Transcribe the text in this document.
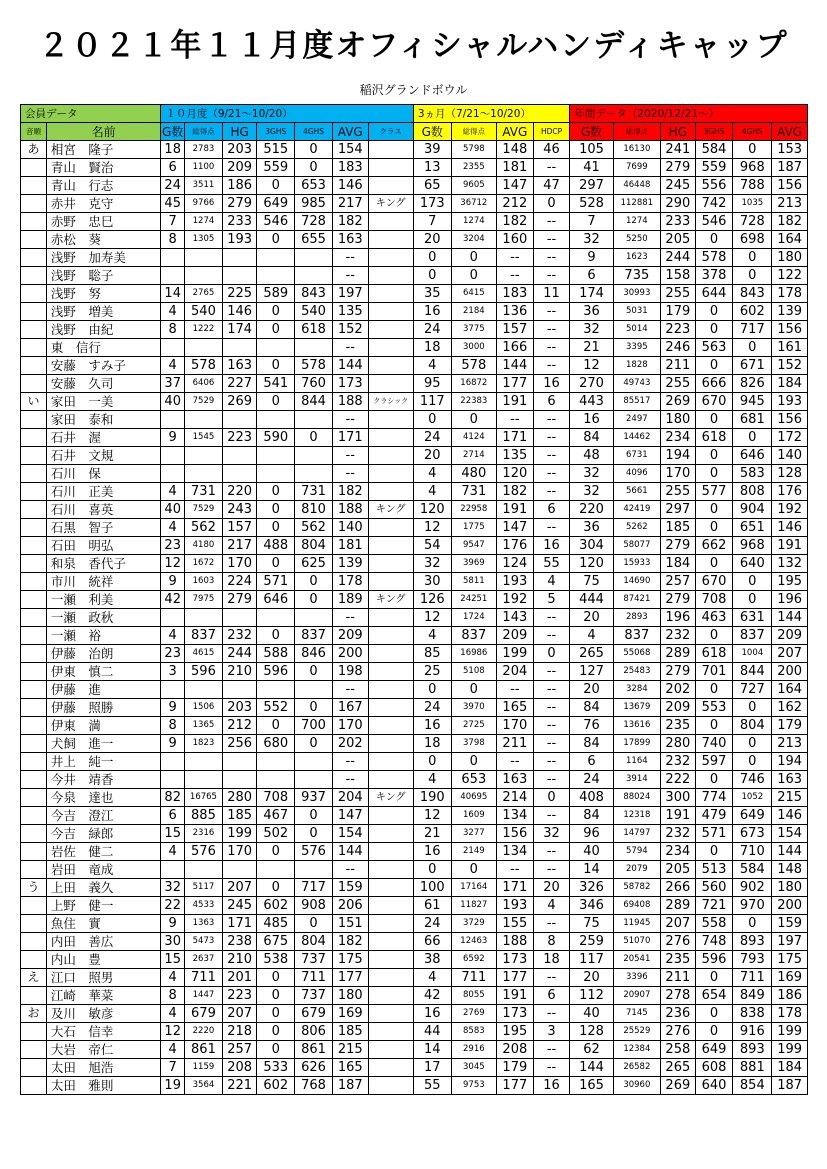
２０２１年１１月度オフィシャルハンディキャップ
稲沢グランドボウル
会員データ		１０月度（9/21～10/20）							3ヵ月（7/21～10/20）				年間データ（2020/12/21～）					
音順	名前	G数	総得点	HG	3GHS	4GHS	AVG	クラス	G数	総得点	AVG	HDCP	G数	総得点	HG	3GHS	4GHS	AVG
あ	相宮　隆子	18	2783	203	515	0	154		39	5798	148	46	105	16130	241	584	0	153
	青山　賢治	6	1100	209	559	0	183		13	2355	181	--	41	7699	279	559	968	187
	青山　行志	24	3511	186	0	653	146		65	9605	147	47	297	46448	245	556	788	156
	赤井　克守	45	9766	279	649	985	217	キング	173	36712	212	0	528	112881	290	742	1035	213
	赤野　忠巳	7	1274	233	546	728	182		7	1274	182	--	7	1274	233	546	728	182
	赤松　葵	8	1305	193	0	655	163		20	3204	160	--	32	5250	205	0	698	164
	浅野　加寿美						--		0	0	--	--	9	1623	244	578	0	180
	浅野　聡子						--		0	0	--	--	6	735	158	378	0	122
	浅野　努	14	2765	225	589	843	197		35	6415	183	11	174	30993	255	644	843	178
	浅野　増美	4	540	146	0	540	135		16	2184	136	--	36	5031	179	0	602	139
	浅野　由紀	8	1222	174	0	618	152		24	3775	157	--	32	5014	223	0	717	156
	東　信行						--		18	3000	166	--	21	3395	246	563	0	161
	安藤　すみ子	4	578	163	0	578	144		4	578	144	--	12	1828	211	0	671	152
	安藤　久司	37	6406	227	541	760	173		95	16872	177	16	270	49743	255	666	826	184
い	家田　一美	40	7529	269	0	844	188	クラシック	117	22383	191	6	443	85517	269	670	945	193
	家田　泰和						--		0	0	--	--	16	2497	180	0	681	156
	石井　渥	9	1545	223	590	0	171		24	4124	171	--	84	14462	234	618	0	172
	石井　文規						--		20	2714	135	--	48	6731	194	0	646	140
	石川　保						--		4	480	120	--	32	4096	170	0	583	128
	石川　正美	4	731	220	0	731	182		4	731	182	--	32	5661	255	577	808	176
	石川　喜英	40	7529	243	0	810	188	キング	120	22958	191	6	220	42419	297	0	904	192
	石黒　智子	4	562	157	0	562	140		12	1775	147	--	36	5262	185	0	651	146
	石田　明弘	23	4180	217	488	804	181		54	9547	176	16	304	58077	279	662	968	191
	和泉　香代子	12	1672	170	0	625	139		32	3969	124	55	120	15933	184	0	640	132
	市川　統祥	9	1603	224	571	0	178		30	5811	193	4	75	14690	257	670	0	195
	一瀬　利美	42	7975	279	646	0	189	キング	126	24251	192	5	444	87421	279	708	0	196
	一瀬　政秋						--		12	1724	143	--	20	2893	196	463	631	144
	一瀬　裕	4	837	232	0	837	209		4	837	209	--	4	837	232	0	837	209
	伊藤　治朗	23	4615	244	588	846	200		85	16986	199	0	265	55068	289	618	1004	207
	伊東　慎二	3	596	210	596	0	198		25	5108	204	--	127	25483	279	701	844	200
	伊藤　進						--		0	0	--	--	20	3284	202	0	727	164
	伊藤　照勝	9	1506	203	552	0	167		24	3970	165	--	84	13679	209	553	0	162
	伊東　満	8	1365	212	0	700	170		16	2725	170	--	76	13616	235	0	804	179
	犬飼　進一	9	1823	256	680	0	202		18	3798	211	--	84	17899	280	740	0	213
	井上　純一						--		0	0	--	--	6	1164	232	597	0	194
	今井　靖香						--		4	653	163	--	24	3914	222	0	746	163
	今泉　達也	82	16765	280	708	937	204	キング	190	40695	214	0	408	88024	300	774	1052	215
	今吉　澄江	6	885	185	467	0	147		12	1609	134	--	84	12318	191	479	649	146
	今吉　緑郎	15	2316	199	502	0	154		21	3277	156	32	96	14797	232	571	673	154
	岩佐　健二	4	576	170	0	576	144		16	2149	134	--	40	5794	234	0	710	144
	岩田　竜成						--		0	0	--	--	14	2079	205	513	584	148
う	上田　義久	32	5117	207	0	717	159		100	17164	171	20	326	58782	266	560	902	180
	上野　健一	22	4533	245	602	908	206		61	11827	193	4	346	69408	289	721	970	200
	魚住　實	9	1363	171	485	0	151		24	3729	155	--	75	11945	207	558	0	159
	内田　善広	30	5473	238	675	804	182		66	12463	188	8	259	51070	276	748	893	197
	内山　豊	15	2637	210	538	737	175		38	6592	173	18	117	20541	235	596	793	175
え	江口　照男	4	711	201	0	711	177		4	711	177	--	20	3396	211	0	711	169
	江崎　華菜	8	1447	223	0	737	180		42	8055	191	6	112	20907	278	654	849	186
お	及川　敏彦	4	679	207	0	679	169		16	2769	173	--	40	7145	236	0	838	178
	大石　信幸	12	2220	218	0	806	185		44	8583	195	3	128	25529	276	0	916	199
	大岩　帝仁	4	861	257	0	861	215		14	2916	208	--	62	12384	258	649	893	199
	太田　旭浩	7	1159	208	533	626	165		17	3045	179	--	144	26582	265	608	881	184
	太田　雅則	19	3564	221	602	768	187		55	9753	177	16	165	30960	269	640	854	187
